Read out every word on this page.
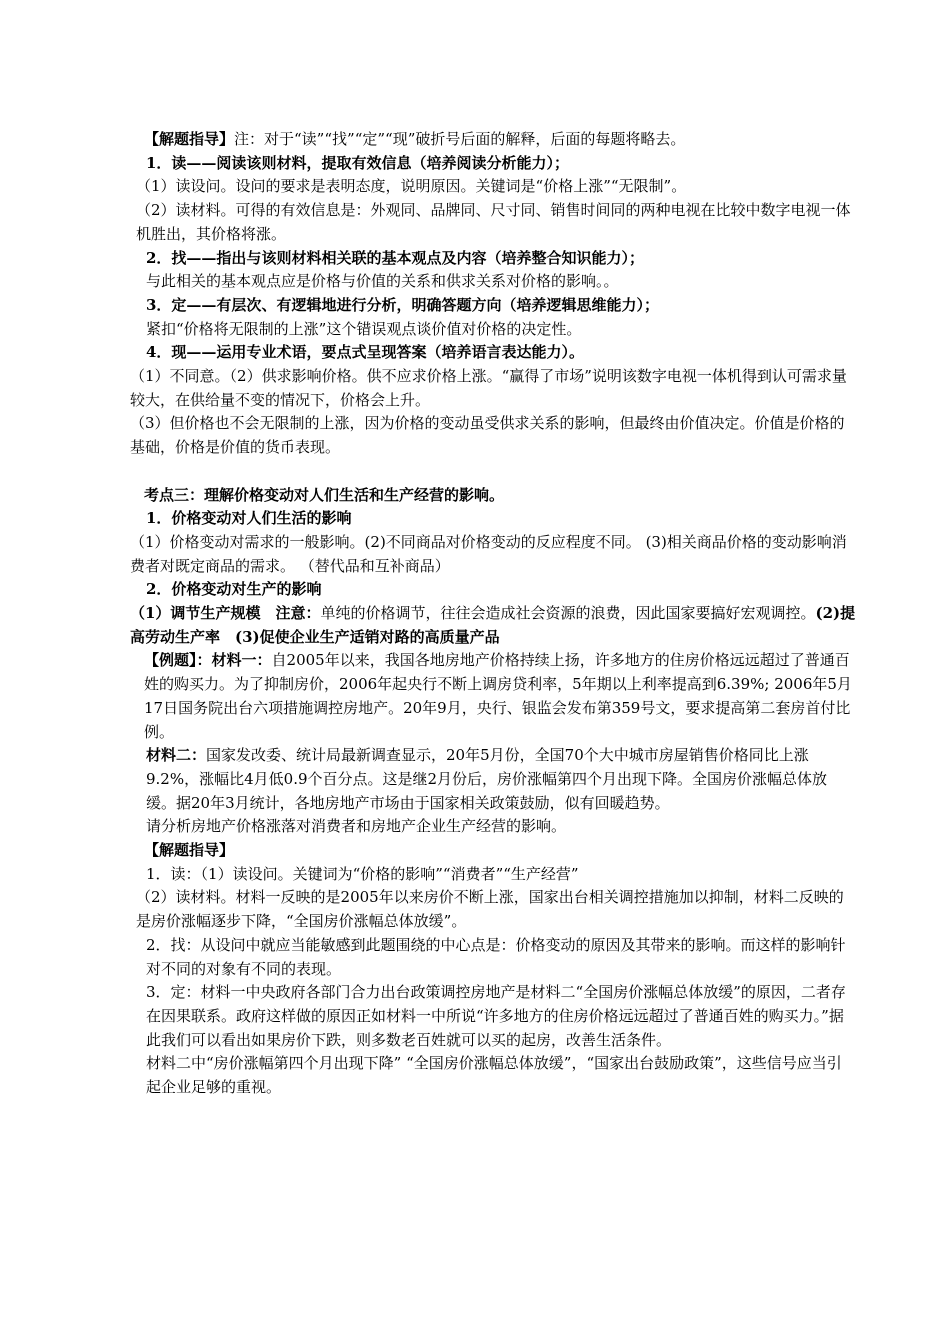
【解题指导】注：对于“读”“找”“定”“现”破折号后面的解释，后面的每题将略去。
1．读——阅读该则材料，提取有效信息（培养阅读分析能力）；
（1）读设问。设问的要求是表明态度，说明原因。关键词是“价格上涨”“无限制”。
（2）读材料。可得的有效信息是：外观同、品牌同、尺寸同、销售时间同的两种电视在比较中数字电视一体机胜出，其价格将涨。
2．找——指出与该则材料相关联的基本观点及内容（培养整合知识能力）；
与此相关的基本观点应是价格与价值的关系和供求关系对价格的影响。。
3．定——有层次、有逻辑地进行分析，明确答题方向（培养逻辑思维能力）；
紧扣“价格将无限制的上涨”这个错误观点谈价值对价格的决定性。
4．现——运用专业术语，要点式呈现答案（培养语言表达能力）。
（1）不同意。（2）供求影响价格。供不应求价格上涨。“赢得了市场”说明该数字电视一体机得到认可需求量较大，在供给量不变的情况下，价格会上升。
（3）但价格也不会无限制的上涨，因为价格的变动虽受供求关系的影响，但最终由价值决定。价值是价格的基础，价格是价值的货币表现。
考点三：理解价格变动对人们生活和生产经营的影响。
1．价格变动对人们生活的影响
（1）价格变动对需求的一般影响。(2)不同商品对价格变动的反应程度不同。 (3)相关商品价格的变动影响消费者对既定商品的需求。 （替代品和互补商品）
2．价格变动对生产的影响
（1）调节生产规模　注意：单纯的价格调节，往往会造成社会资源的浪费，因此国家要搞好宏观调控。(2)提高劳动生产率　(3)促使企业生产适销对路的高质量产品
【例题】：材料一：自2005年以来，我国各地房地产价格持续上扬，许多地方的住房价格远远超过了普通百姓的购买力。为了抑制房价，2006年起央行不断上调房贷利率，5年期以上利率提高到6.39%; 2006年5月17日国务院出台六项措施调控房地产。20年9月，央行、银监会发布第359号文，要求提高第二套房首付比例。
材料二：国家发改委、统计局最新调查显示，20年5月份，全国70个大中城市房屋销售价格同比上涨9.2%，涨幅比4月低0.9个百分点。这是继2月份后，房价涨幅第四个月出现下降。全国房价涨幅总体放缓。据20年3月统计，各地房地产市场由于国家相关政策鼓励，似有回暖趋势。
请分析房地产价格涨落对消费者和房地产企业生产经营的影响。
【解题指导】
1．读：（1）读设问。关键词为“价格的影响”“消费者”“生产经营”
（2）读材料。材料一反映的是2005年以来房价不断上涨，国家出台相关调控措施加以抑制，材料二反映的是房价涨幅逐步下降，“全国房价涨幅总体放缓”。
2．找：从设问中就应当能敏感到此题围绕的中心点是：价格变动的原因及其带来的影响。而这样的影响针对不同的对象有不同的表现。
3．定：材料一中央政府各部门合力出台政策调控房地产是材料二“全国房价涨幅总体放缓”的原因，二者存在因果联系。政府这样做的原因正如材料一中所说“许多地方的住房价格远远超过了普通百姓的购买力。”据此我们可以看出如果房价下跌，则多数老百姓就可以买的起房，改善生活条件。
材料二中“房价涨幅第四个月出现下降” “全国房价涨幅总体放缓”，“国家出台鼓励政策”，这些信号应当引起企业足够的重视。
